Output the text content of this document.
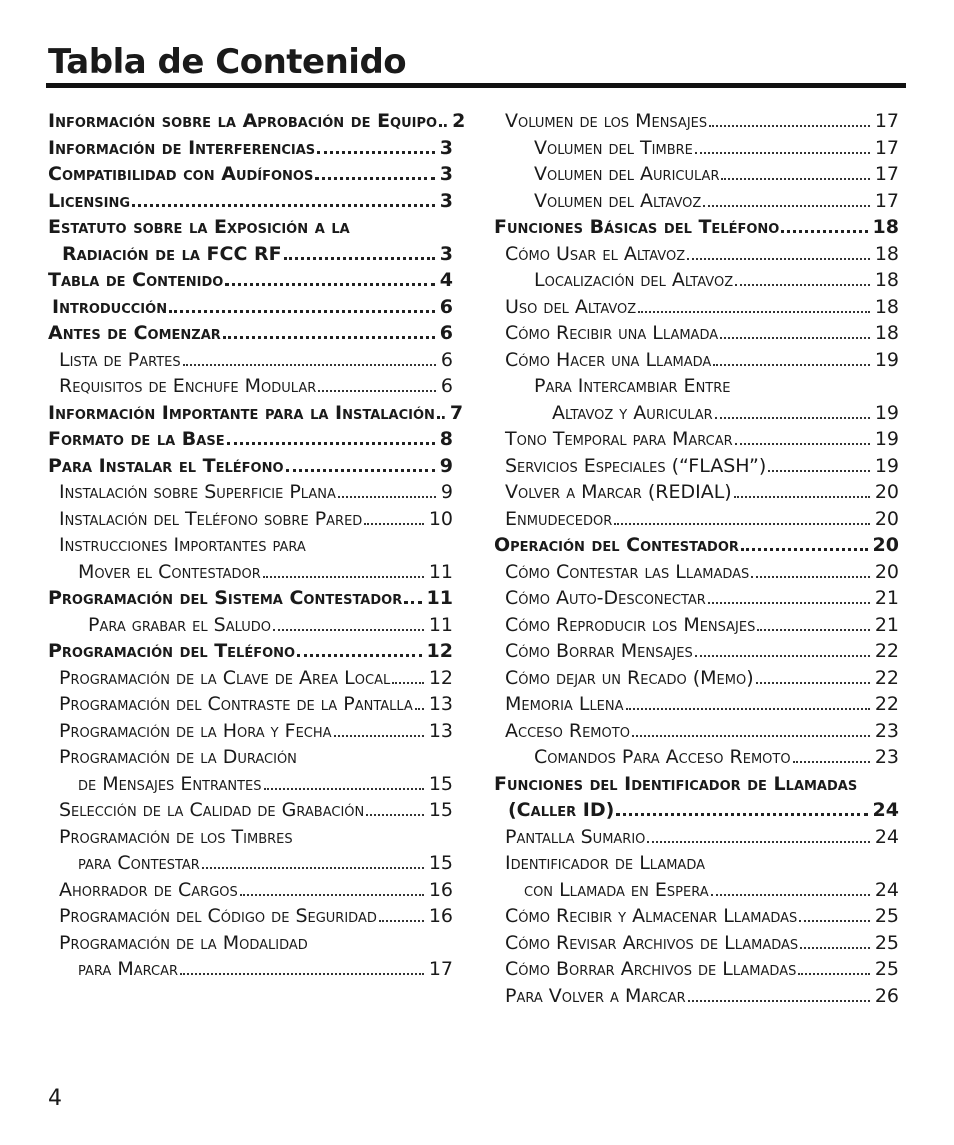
Tabla de Contenido
Información sobre la Aprobación de Equipo 2
Información de Interferencias	3
Compatibilidad con Audífonos	3
Licensing	3
Estatuto sobre la Exposición a la
Radiación de la FCC RF	3
Tabla de Contenido	4
Introducción	6
Antes de Comenzar	6
Lista de Partes	6
Requisitos de Enchufe Modular	6
Información Importante para la Instalación 7
Formato de la Base	8
Para Instalar el Teléfono	9
Instalación sobre Superficie Plana	9
Instalación del Teléfono sobre Pared	10
Instrucciones Importantes para
Mover el Contestador	11
Programación del Sistema Contestador 11
Para grabar el Saludo	11
Programación del Teléfono	12
Programación de la Clave de Area Local 12
Programación del Contraste de la Pantalla 13
Programación de la Hora y Fecha	13
Programación de la Duración
de Mensajes Entrantes	15
Selección de la Calidad de Grabación	15
Programación de los Timbres
para Contestar	15
Ahorrador de Cargos	16
Programación del Código de Seguridad	16
Programación de la Modalidad
para Marcar	17
Volumen de los Mensajes	17
Volumen del Timbre	17
Volumen del Auricular	17
Volumen del Altavoz	17
Funciones Básicas del Teléfono	18
Cómo Usar el Altavoz	18
Localización del Altavoz	18
Uso del Altavoz	18
Cómo Recibir una Llamada	18
Cómo Hacer una Llamada	19
Para Intercambiar Entre
Altavoz y Auricular	19
Tono Temporal para Marcar	19
Servicios Especiales (“FLASH”)	19
Volver a Marcar (REDIAL)	20
Enmudecedor	20
Operación del Contestador	20
Cómo Contestar las Llamadas	20
Cómo Auto-Desconectar	21
Cómo Reproducir los Mensajes	21
Cómo Borrar Mensajes	22
Cómo dejar un Recado (Memo)	22
Memoria Llena	22
Acceso Remoto	23
Comandos Para Acceso Remoto	23
Funciones del Identificador de Llamadas
(Caller ID)	24
Pantalla Sumario	24
Identificador de Llamada
con Llamada en Espera	24
Cómo Recibir y Almacenar Llamadas	25
Cómo Revisar Archivos de Llamadas	25
Cómo Borrar Archivos de Llamadas	25
Para Volver a Marcar	26
4
